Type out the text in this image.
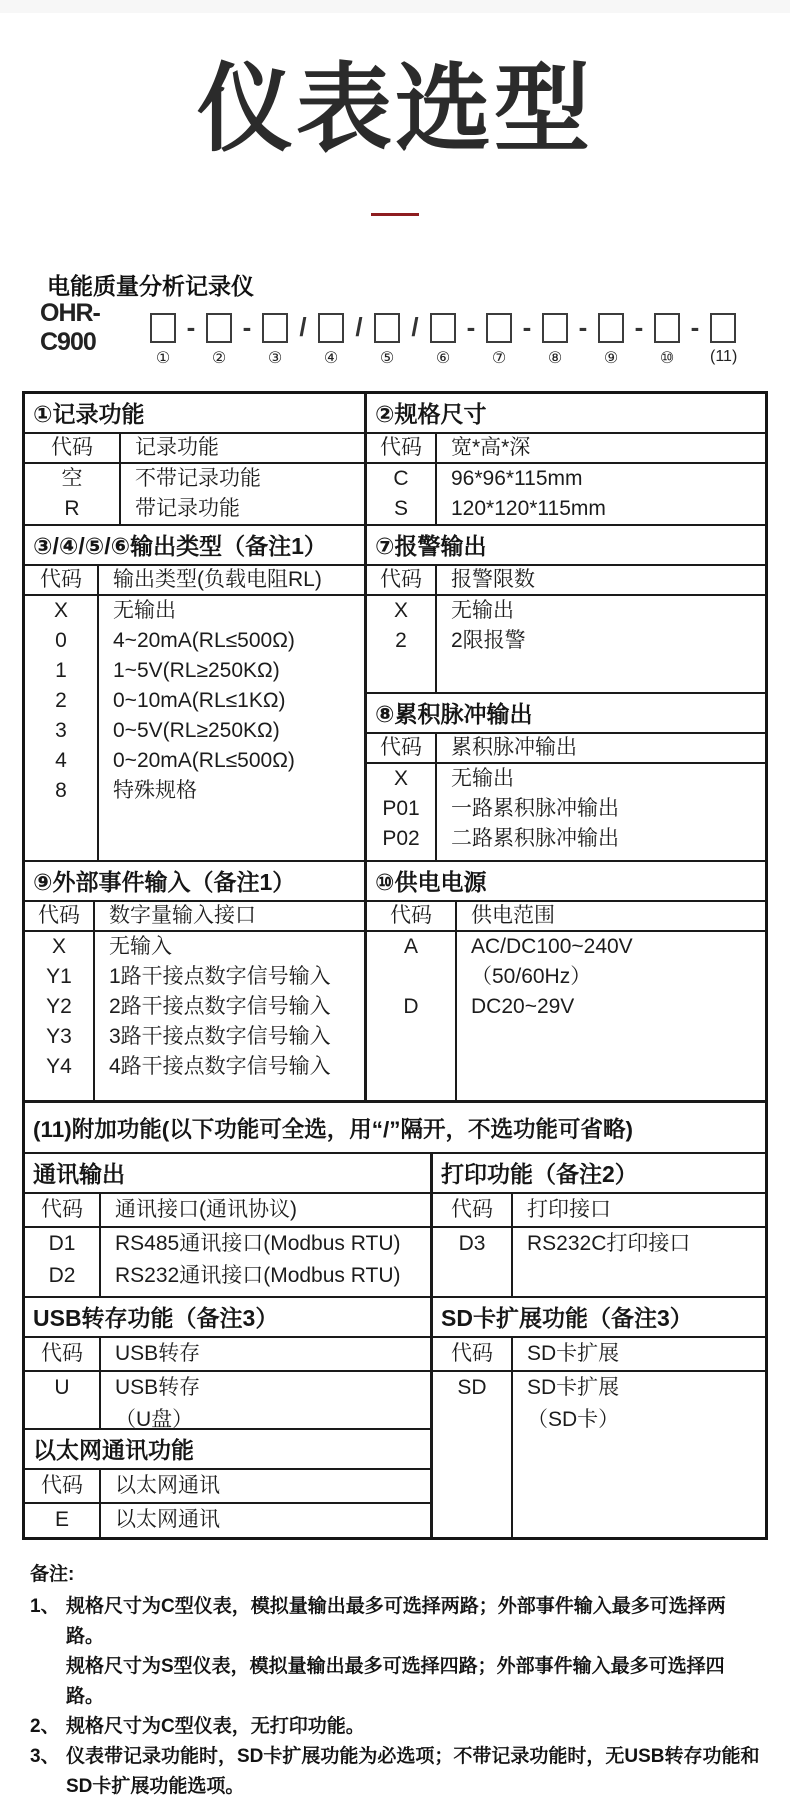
仪表选型
电能质量分析记录仪
OHR-C900	-	-	/	/	/	-	-	-	-	-
①	②	③	④	⑤	⑥	⑦	⑧	⑨	⑩	(11)
①记录功能
代码	记录功能
空	不带记录功能
R	带记录功能
③/④/⑤/⑥输出类型（备注1）
代码	输出类型(负载电阻RL)
X	无输出
0	4~20mA(RL≤500Ω)
1	1~5V(RL≥250KΩ)
2	0~10mA(RL≤1KΩ)
3	0~5V(RL≥250KΩ)
4	0~20mA(RL≤500Ω)
8	特殊规格
⑨外部事件输入（备注1）
代码	数字量输入接口
X	无输入
Y1	1路干接点数字信号输入
Y2	2路干接点数字信号输入
Y3	3路干接点数字信号输入
Y4	4路干接点数字信号输入
②规格尺寸
代码	宽*高*深
C	96*96*115mm
S	120*120*115mm
⑦报警输出
代码	报警限数
X	无输出
2	2限报警
⑧累积脉冲输出
代码	累积脉冲输出
X	无输出
P01	一路累积脉冲输出
P02	二路累积脉冲输出
⑩供电电源
代码	供电范围
A	AC/DC100~240V
（50/60Hz）
D	DC20~29V
(11)附加功能(以下功能可全选，用“/”隔开，不选功能可省略)
通讯输出
代码	通讯接口(通讯协议)
D1	RS485通讯接口(Modbus RTU)
D2	RS232通讯接口(Modbus RTU)
USB转存功能（备注3）
代码	USB转存
U	USB转存
（U盘）
以太网通讯功能
代码	以太网通讯
E	以太网通讯
打印功能（备注2）
代码	打印接口
D3	RS232C打印接口
SD卡扩展功能（备注3）
代码	SD卡扩展
SD	SD卡扩展
（SD卡）
备注:
1、 规格尺寸为C型仪表，模拟量输出最多可选择两路；外部事件输入最多可选择两路。
规格尺寸为S型仪表，模拟量输出最多可选择四路；外部事件输入最多可选择四路。
2、 规格尺寸为C型仪表，无打印功能。
3、 仪表带记录功能时，SD卡扩展功能为必选项；不带记录功能时，无USB转存功能和
SD卡扩展功能选项。
